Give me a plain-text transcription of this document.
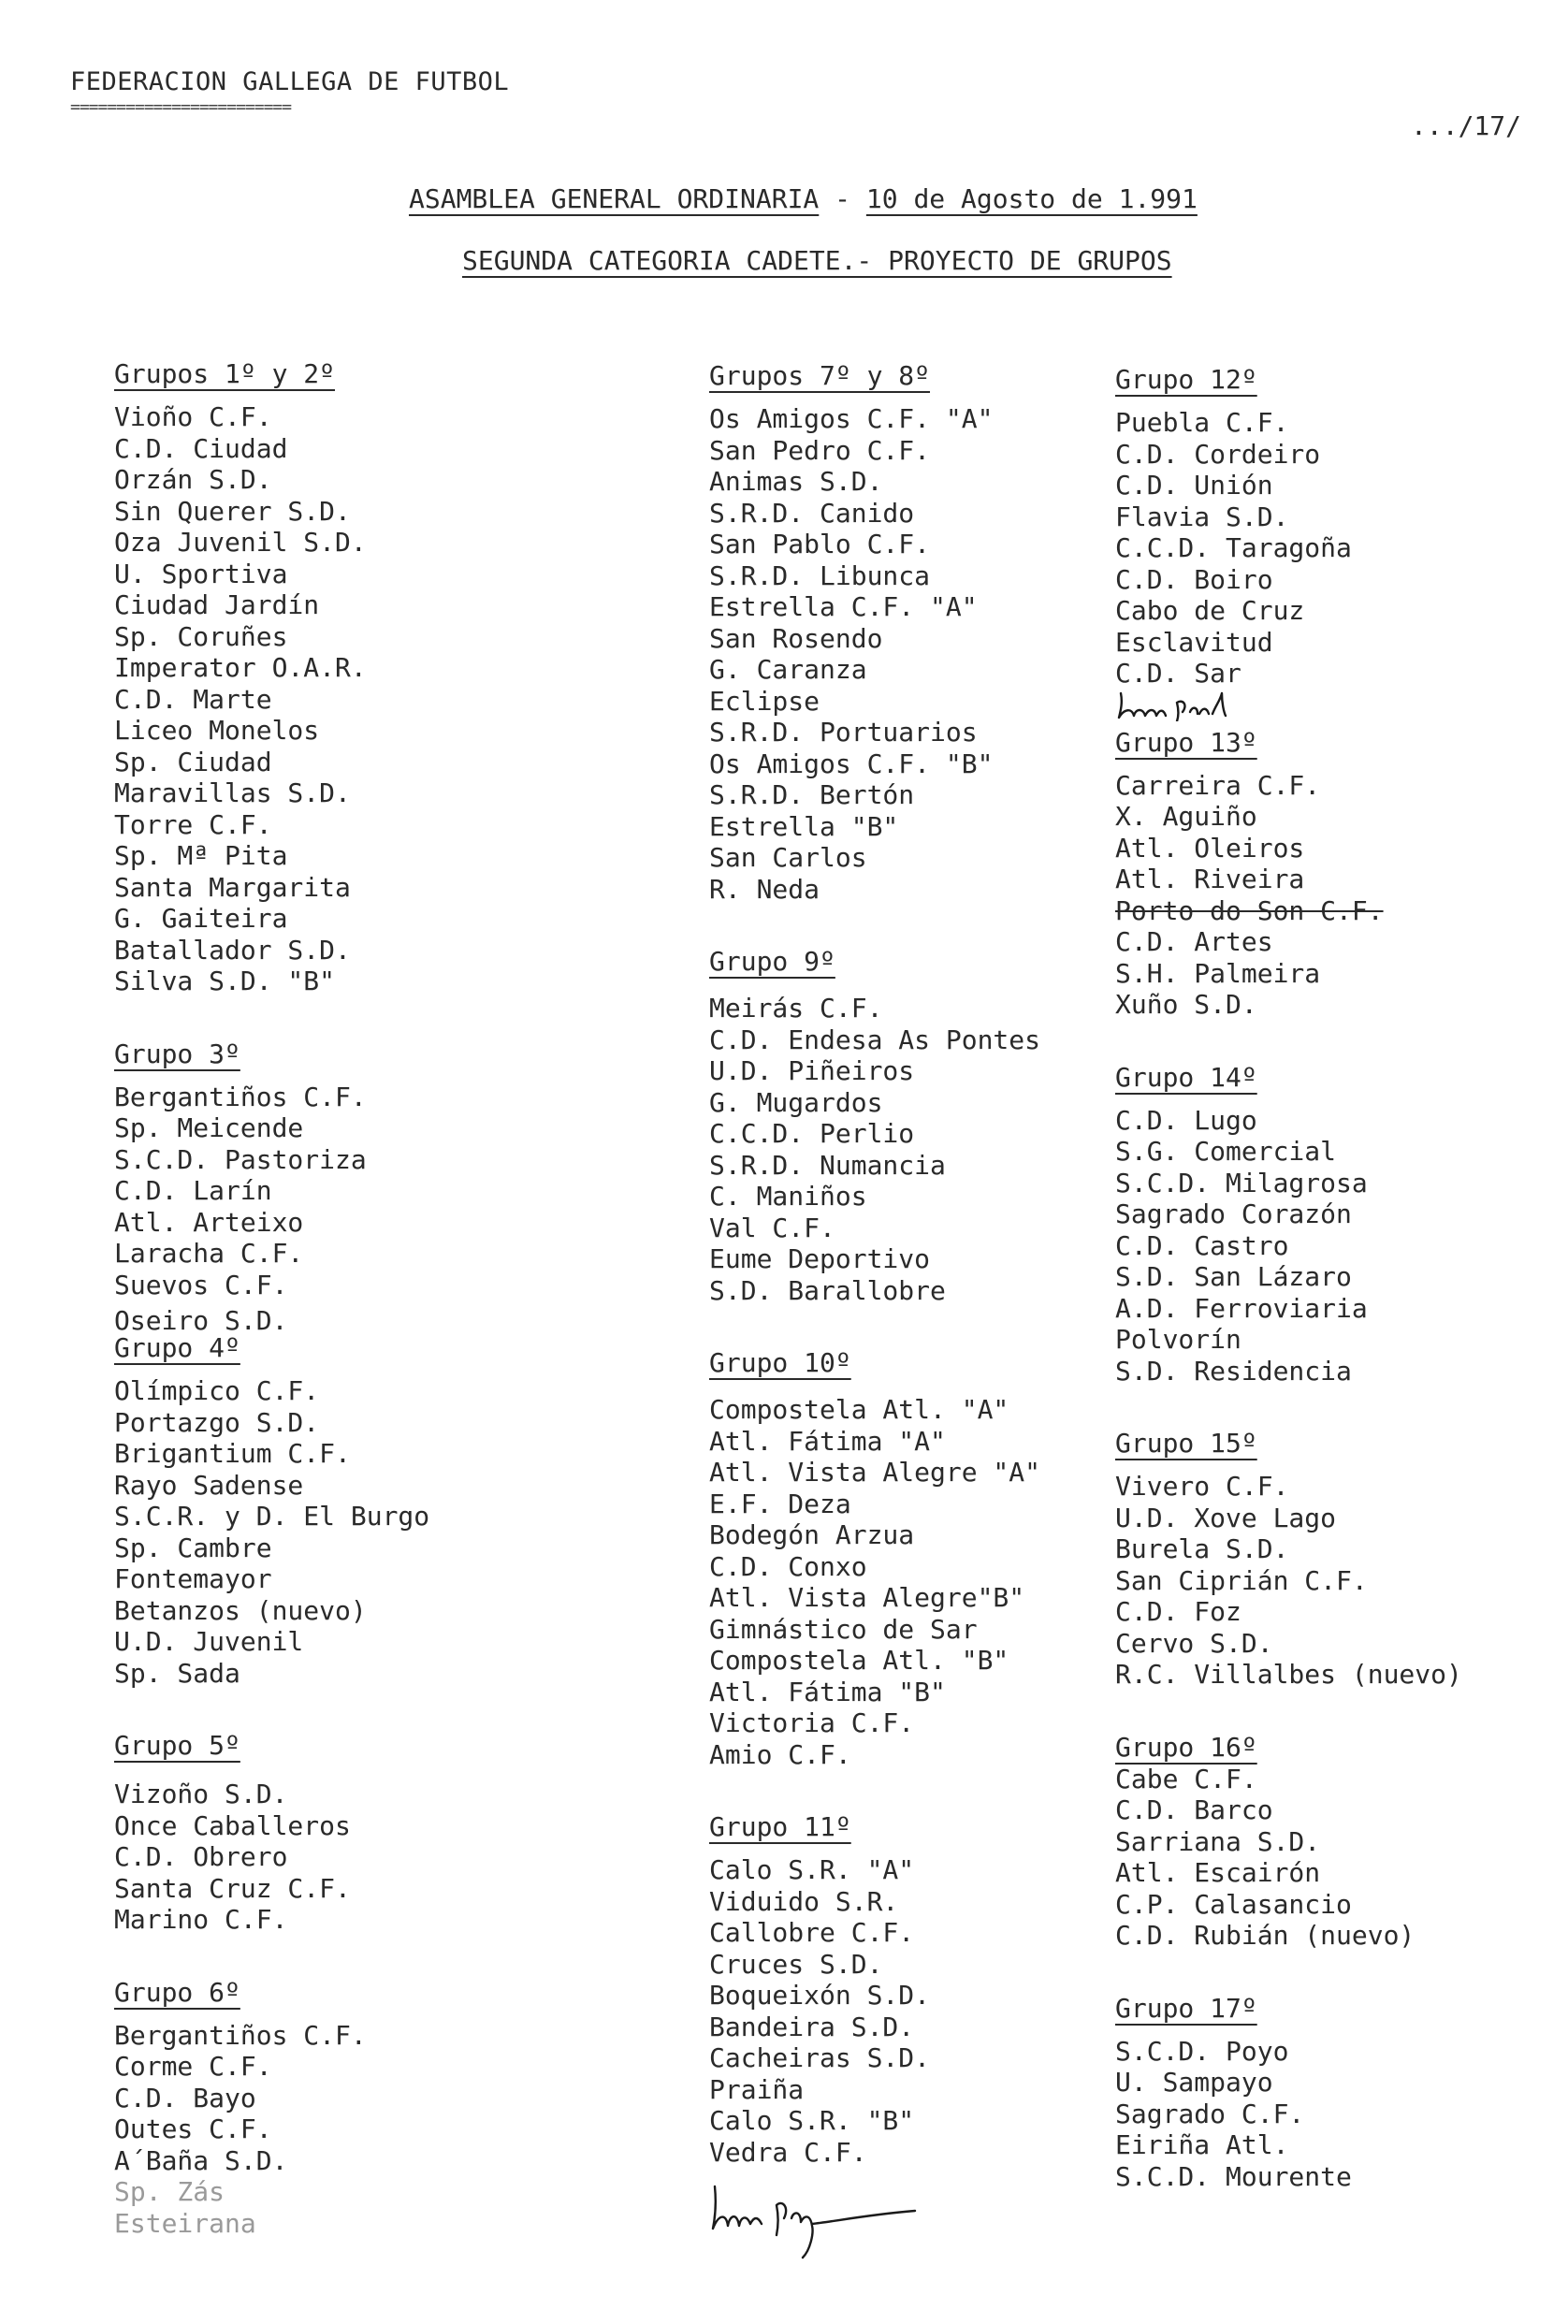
FEDERACION GALLEGA DE FUTBOL
========================
.../17/
ASAMBLEA GENERAL ORDINARIA - 10 de Agosto de 1.991
SEGUNDA CATEGORIA CADETE.- PROYECTO DE GRUPOS
Grupos 1º y 2º
Vioño C.F.
C.D. Ciudad
Orzán S.D.
Sin Querer S.D.
Oza Juvenil S.D.
U. Sportiva
Ciudad Jardín
Sp. Coruñes
Imperator O.A.R.
C.D. Marte
Liceo Monelos
Sp. Ciudad
Maravillas S.D.
Torre C.F.
Sp. Mª Pita
Santa Margarita
G. Gaiteira
Batallador S.D.
Silva S.D. "B"
Grupo 3º
Bergantiños C.F.
Sp. Meicende
S.C.D. Pastoriza
C.D. Larín
Atl. Arteixo
Laracha C.F.
Suevos C.F.
Oseiro S.D.
Grupo 4º
Olímpico C.F.
Portazgo S.D.
Brigantium C.F.
Rayo Sadense
S.C.R. y D. El Burgo
Sp. Cambre
Fontemayor
Betanzos (nuevo)
U.D. Juvenil
Sp. Sada
Grupo 5º
Vizoño S.D.
Once Caballeros
C.D. Obrero
Santa Cruz C.F.
Marino C.F.
Grupo 6º
Bergantiños C.F.
Corme C.F.
C.D. Bayo
Outes C.F.
A´Baña S.D.
Sp. Zás
Esteirana
Grupos 7º y 8º
Os Amigos C.F. "A"
San Pedro C.F.
Animas S.D.
S.R.D. Canido
San Pablo C.F.
S.R.D. Libunca
Estrella C.F. "A"
San Rosendo
G. Caranza
Eclipse
S.R.D. Portuarios
Os Amigos C.F. "B"
S.R.D. Bertón
Estrella "B"
San Carlos
R. Neda
Grupo 9º
Meirás C.F.
C.D. Endesa As Pontes
U.D. Piñeiros
G. Mugardos
C.C.D. Perlio
S.R.D. Numancia
C. Maniños
Val C.F.
Eume Deportivo
S.D. Barallobre
Grupo 10º
Compostela Atl. "A"
Atl. Fátima "A"
Atl. Vista Alegre "A"
E.F. Deza
Bodegón Arzua
C.D. Conxo
Atl. Vista Alegre"B"
Gimnástico de Sar
Compostela Atl. "B"
Atl. Fátima "B"
Victoria C.F.
Amio C.F.
Grupo 11º
Calo S.R. "A"
Viduido S.R.
Callobre C.F.
Cruces S.D.
Boqueixón S.D.
Bandeira S.D.
Cacheiras S.D.
Praiña
Calo S.R. "B"
Vedra C.F.
Grupo 12º
Puebla C.F.
C.D. Cordeiro
C.D. Unión
Flavia S.D.
C.C.D. Taragoña
C.D. Boiro
Cabo de Cruz
Esclavitud
C.D. Sar
Grupo 13º
Carreira C.F.
X. Aguiño
Atl. Oleiros
Atl. Riveira
Porto do Son C.F.
C.D. Artes
S.H. Palmeira
Xuño S.D.
Grupo 14º
C.D. Lugo
S.G. Comercial
S.C.D. Milagrosa
Sagrado Corazón
C.D. Castro
S.D. San Lázaro
A.D. Ferroviaria
Polvorín
S.D. Residencia
Grupo 15º
Vivero C.F.
U.D. Xove Lago
Burela S.D.
San Ciprián C.F.
C.D. Foz
Cervo S.D.
R.C. Villalbes (nuevo)
Grupo 16º
Cabe C.F.
C.D. Barco
Sarriana S.D.
Atl. Escairón
C.P. Calasancio
C.D. Rubián (nuevo)
Grupo 17º
S.C.D. Poyo
U. Sampayo
Sagrado C.F.
Eiriña Atl.
S.C.D. Mourente
